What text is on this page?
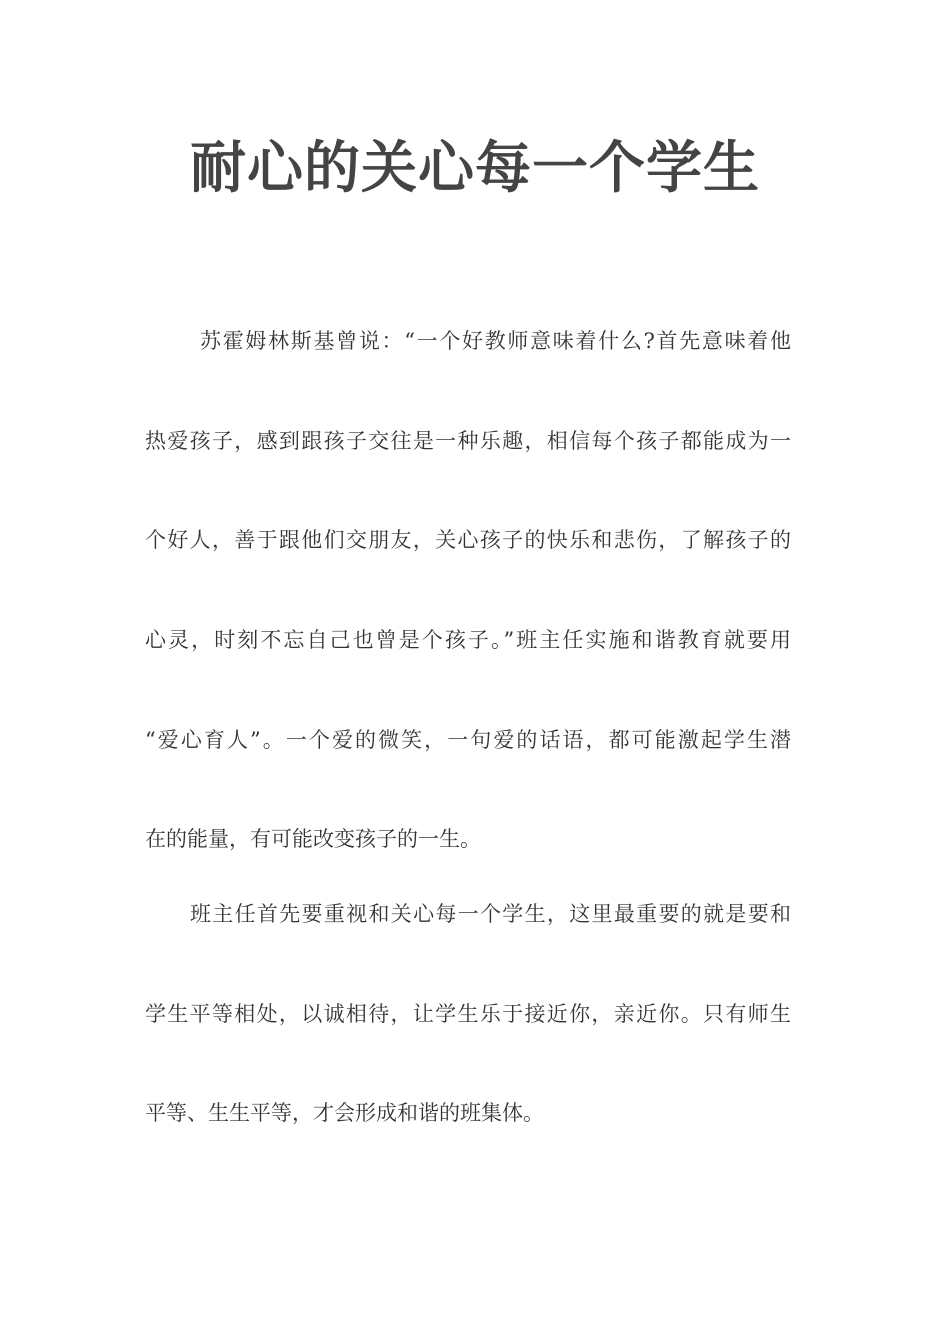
耐心的关心每一个学生
苏霍姆林斯基曾说：“一个好教师意味着什么?首先意味着他
热爱孩子，感到跟孩子交往是一种乐趣，相信每个孩子都能成为一
个好人，善于跟他们交朋友，关心孩子的快乐和悲伤，了解孩子的
心灵，时刻不忘自己也曾是个孩子。”班主任实施和谐教育就要用
“爱心育人”。一个爱的微笑，一句爱的话语，都可能激起学生潜
在的能量，有可能改变孩子的一生。
班主任首先要重视和关心每一个学生，这里最重要的就是要和
学生平等相处，以诚相待，让学生乐于接近你，亲近你。只有师生
平等、生生平等，才会形成和谐的班集体。
